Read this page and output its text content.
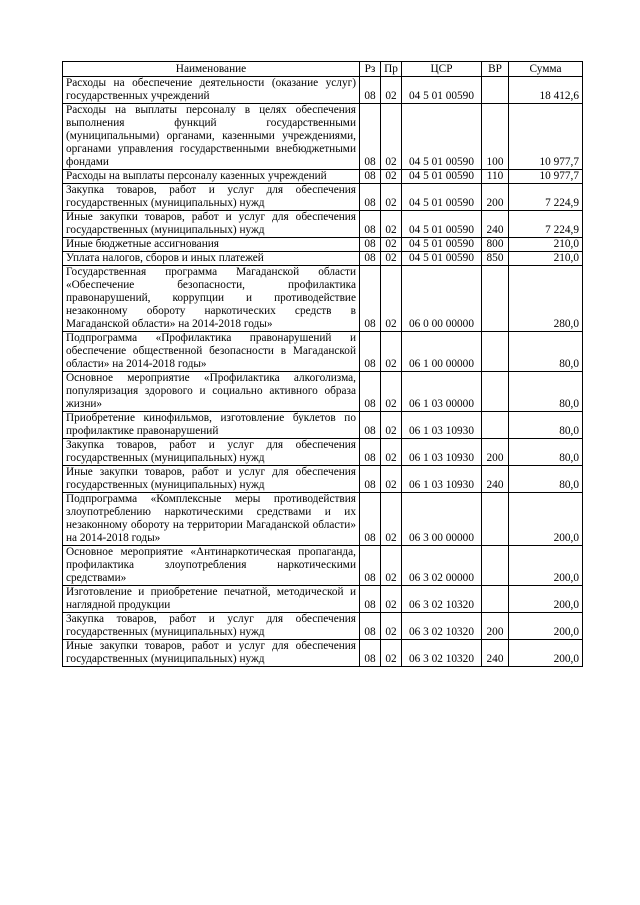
Наименование	Рз	Пр	ЦСР	ВР	Сумма
Расходы на обеспечение деятельности (оказание услуг) государственных учреждений	08	02	04 5 01 00590		18 412,6
Расходы на выплаты персоналу в целях обеспечения выполнения функций государственными (муниципальными) органами, казенными учреждениями, органами управления государственными внебюджетными фондами	08	02	04 5 01 00590	100	10 977,7
Расходы на выплаты персоналу казенных учреждений	08	02	04 5 01 00590	110	10 977,7
Закупка товаров, работ и услуг для обеспечения государственных (муниципальных) нужд	08	02	04 5 01 00590	200	7 224,9
Иные закупки товаров, работ и услуг для обеспечения государственных (муниципальных) нужд	08	02	04 5 01 00590	240	7 224,9
Иные бюджетные ассигнования	08	02	04 5 01 00590	800	210,0
Уплата налогов, сборов и иных платежей	08	02	04 5 01 00590	850	210,0
Государственная программа Магаданской области «Обеспечение безопасности, профилактика правонарушений, коррупции и противодействие незаконному обороту наркотических средств в Магаданской области» на 2014-2018 годы»	08	02	06 0 00 00000		280,0
Подпрограмма «Профилактика правонарушений и обеспечение общественной безопасности в Магаданской области» на 2014-2018 годы»	08	02	06 1 00 00000		80,0
Основное мероприятие «Профилактика алкоголизма, популяризация здорового и социально активного образа жизни»	08	02	06 1 03 00000		80,0
Приобретение кинофильмов, изготовление буклетов по профилактике правонарушений	08	02	06 1 03 10930		80,0
Закупка товаров, работ и услуг для обеспечения государственных (муниципальных) нужд	08	02	06 1 03 10930	200	80,0
Иные закупки товаров, работ и услуг для обеспечения государственных (муниципальных) нужд	08	02	06 1 03 10930	240	80,0
Подпрограмма «Комплексные меры противодействия злоупотреблению наркотическими средствами и их незаконному обороту на территории Магаданской области» на 2014-2018 годы»	08	02	06 3 00 00000		200,0
Основное мероприятие «Антинаркотическая пропаганда, профилактика злоупотребления наркотическими средствами»	08	02	06 3 02 00000		200,0
Изготовление и приобретение печатной, методической и наглядной продукции	08	02	06 3 02 10320		200,0
Закупка товаров, работ и услуг для обеспечения государственных (муниципальных) нужд	08	02	06 3 02 10320	200	200,0
Иные закупки товаров, работ и услуг для обеспечения государственных (муниципальных) нужд	08	02	06 3 02 10320	240	200,0
